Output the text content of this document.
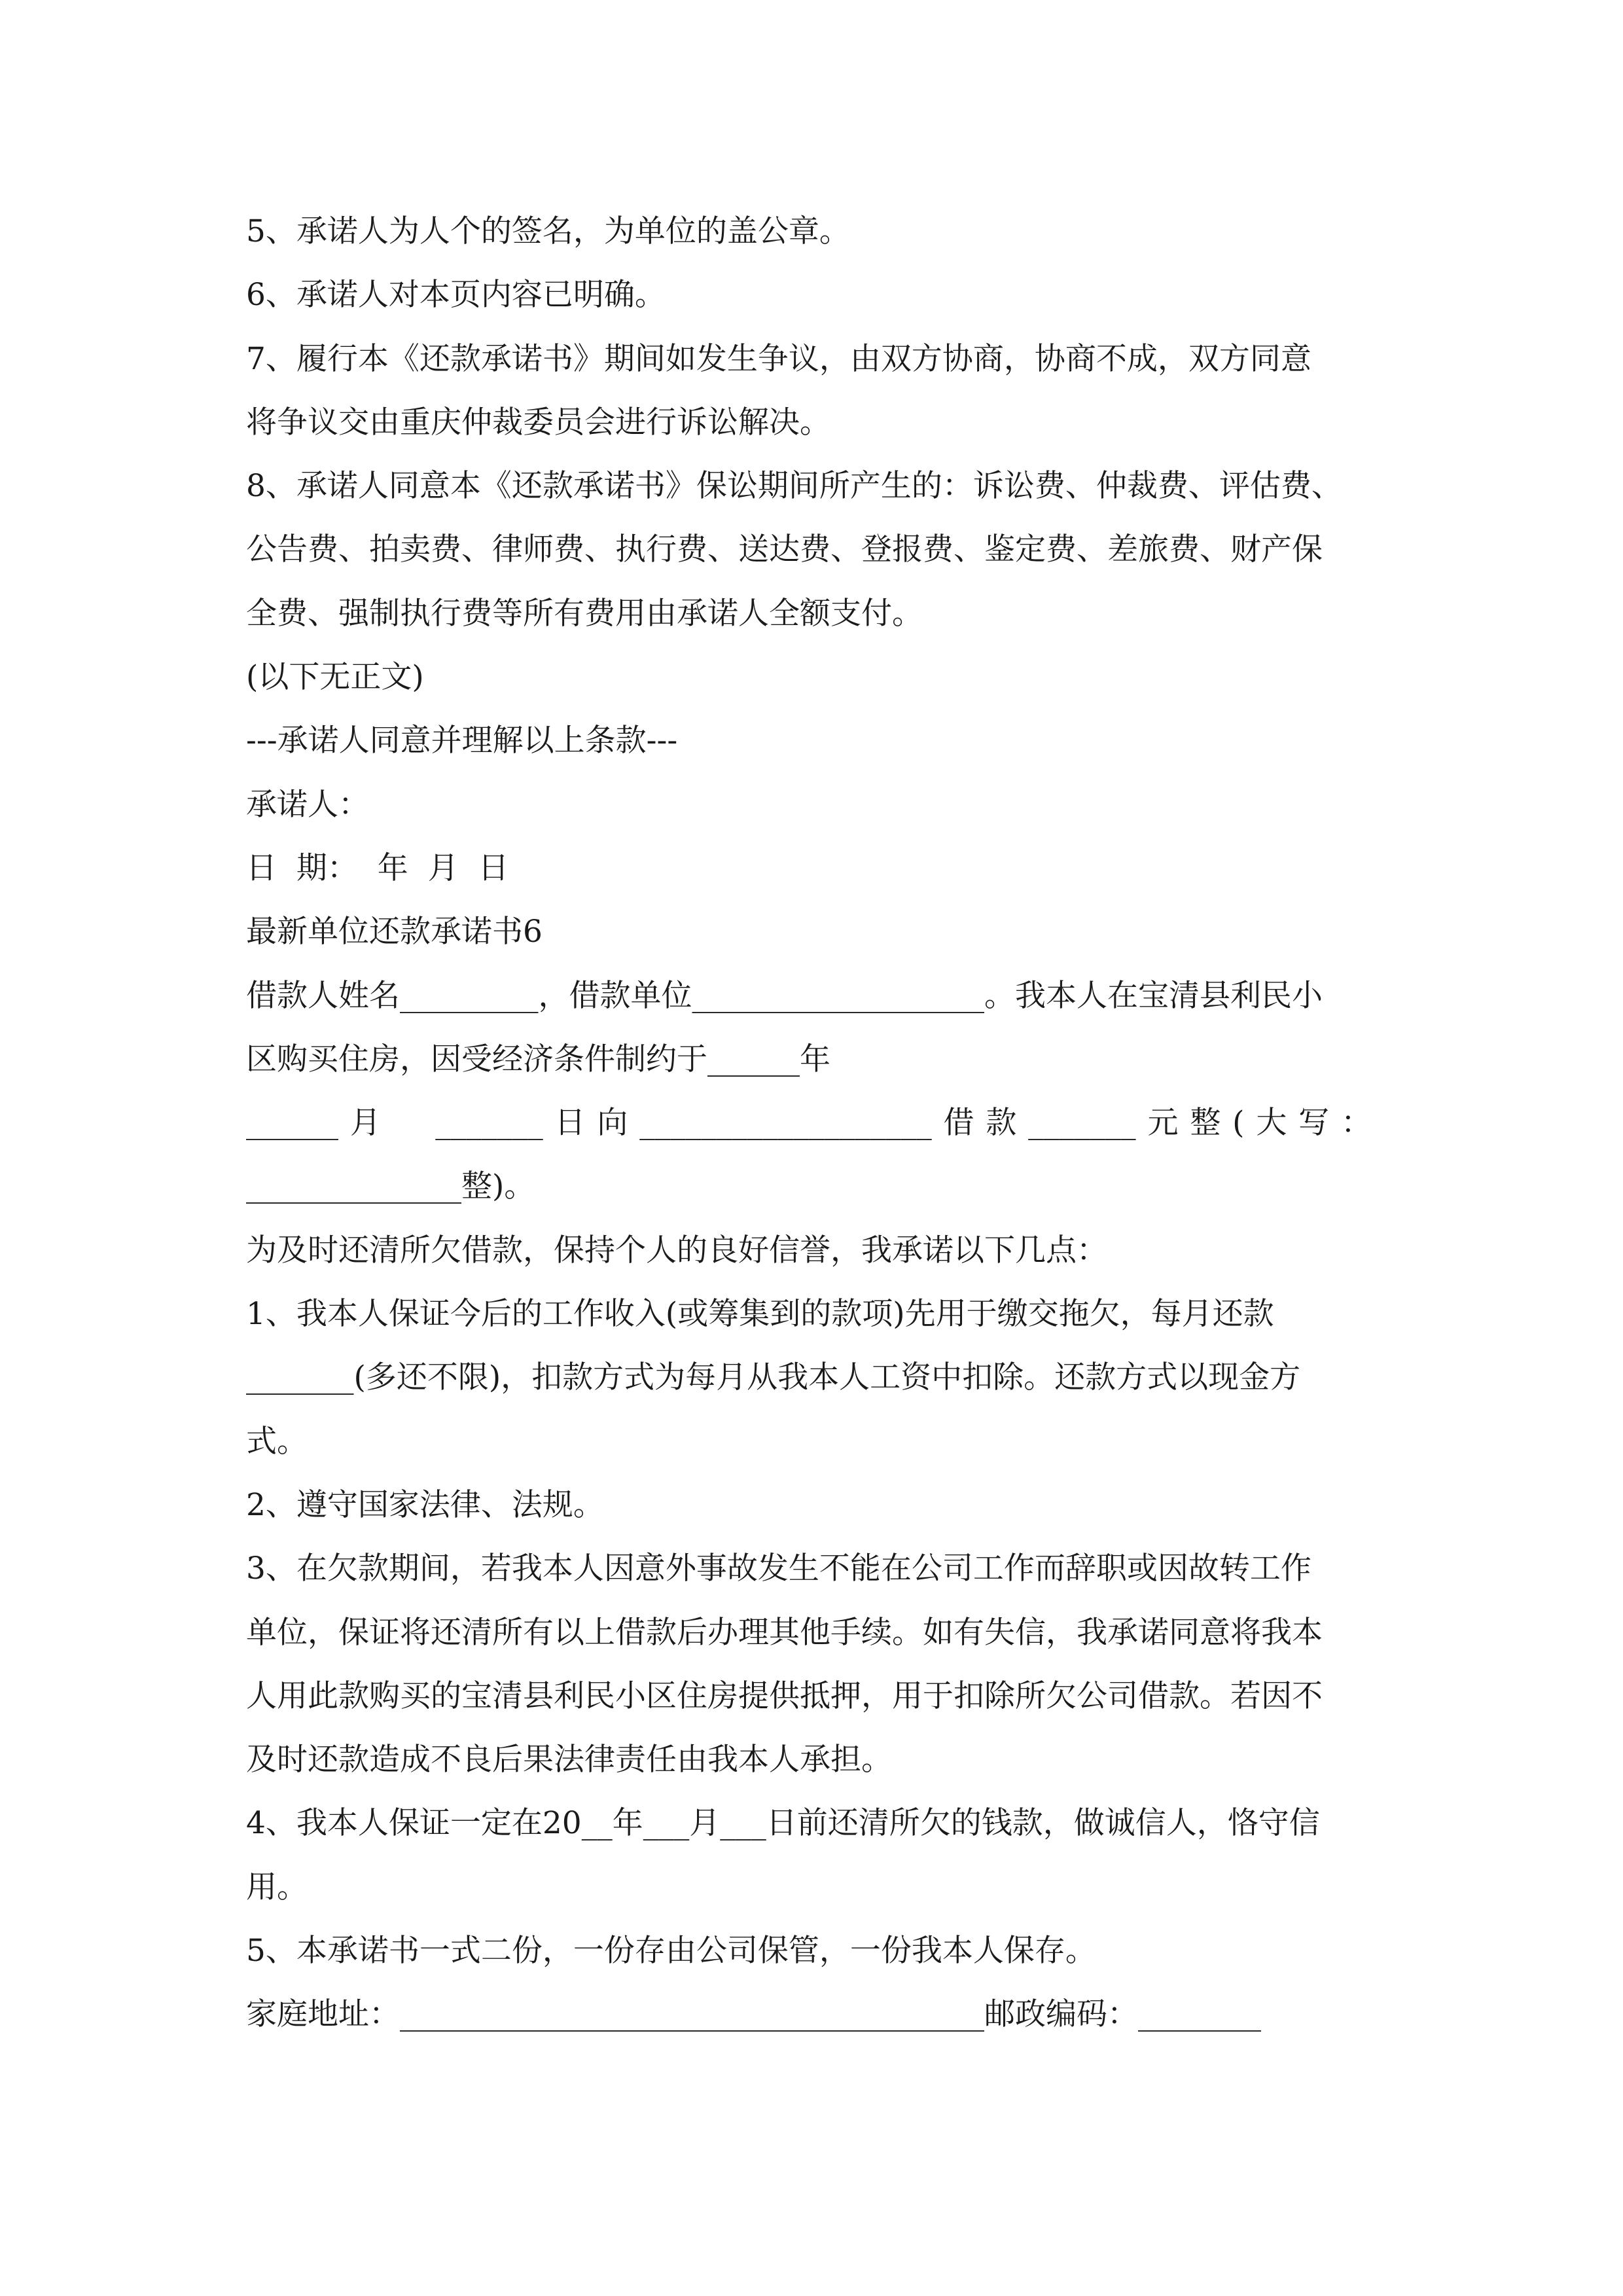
5、承诺人为人个的签名，为单位的盖公章。
6、承诺人对本页内容已明确。
7、履行本《还款承诺书》期间如发生争议，由双方协商，协商不成，双方同意
将争议交由重庆仲裁委员会进行诉讼解决。
8、承诺人同意本《还款承诺书》保讼期间所产生的：诉讼费、仲裁费、评估费、
公告费、拍卖费、律师费、执行费、送达费、登报费、鉴定费、差旅费、财产保
全费、强制执行费等所有费用由承诺人全额支付。
(以下无正文)
---承诺人同意并理解以上条款---
承诺人：
日  期：  年  月  日
最新单位还款承诺书6
借款人姓名_________，借款单位___________________。我本人在宝清县利民小
区购买住房，因受经济条件制约于______年
______月  _______日向___________________借款_______元整(大写：
______________整)。
为及时还清所欠借款，保持个人的良好信誉，我承诺以下几点：
1、我本人保证今后的工作收入(或筹集到的款项)先用于缴交拖欠，每月还款
_______(多还不限)，扣款方式为每月从我本人工资中扣除。还款方式以现金方
式。
2、遵守国家法律、法规。
3、在欠款期间，若我本人因意外事故发生不能在公司工作而辞职或因故转工作
单位，保证将还清所有以上借款后办理其他手续。如有失信，我承诺同意将我本
人用此款购买的宝清县利民小区住房提供抵押，用于扣除所欠公司借款。若因不
及时还款造成不良后果法律责任由我本人承担。
4、我本人保证一定在20__年___月___日前还清所欠的钱款，做诚信人，恪守信
用。
5、本承诺书一式二份，一份存由公司保管，一份我本人保存。
家庭地址：______________________________________邮政编码：________
